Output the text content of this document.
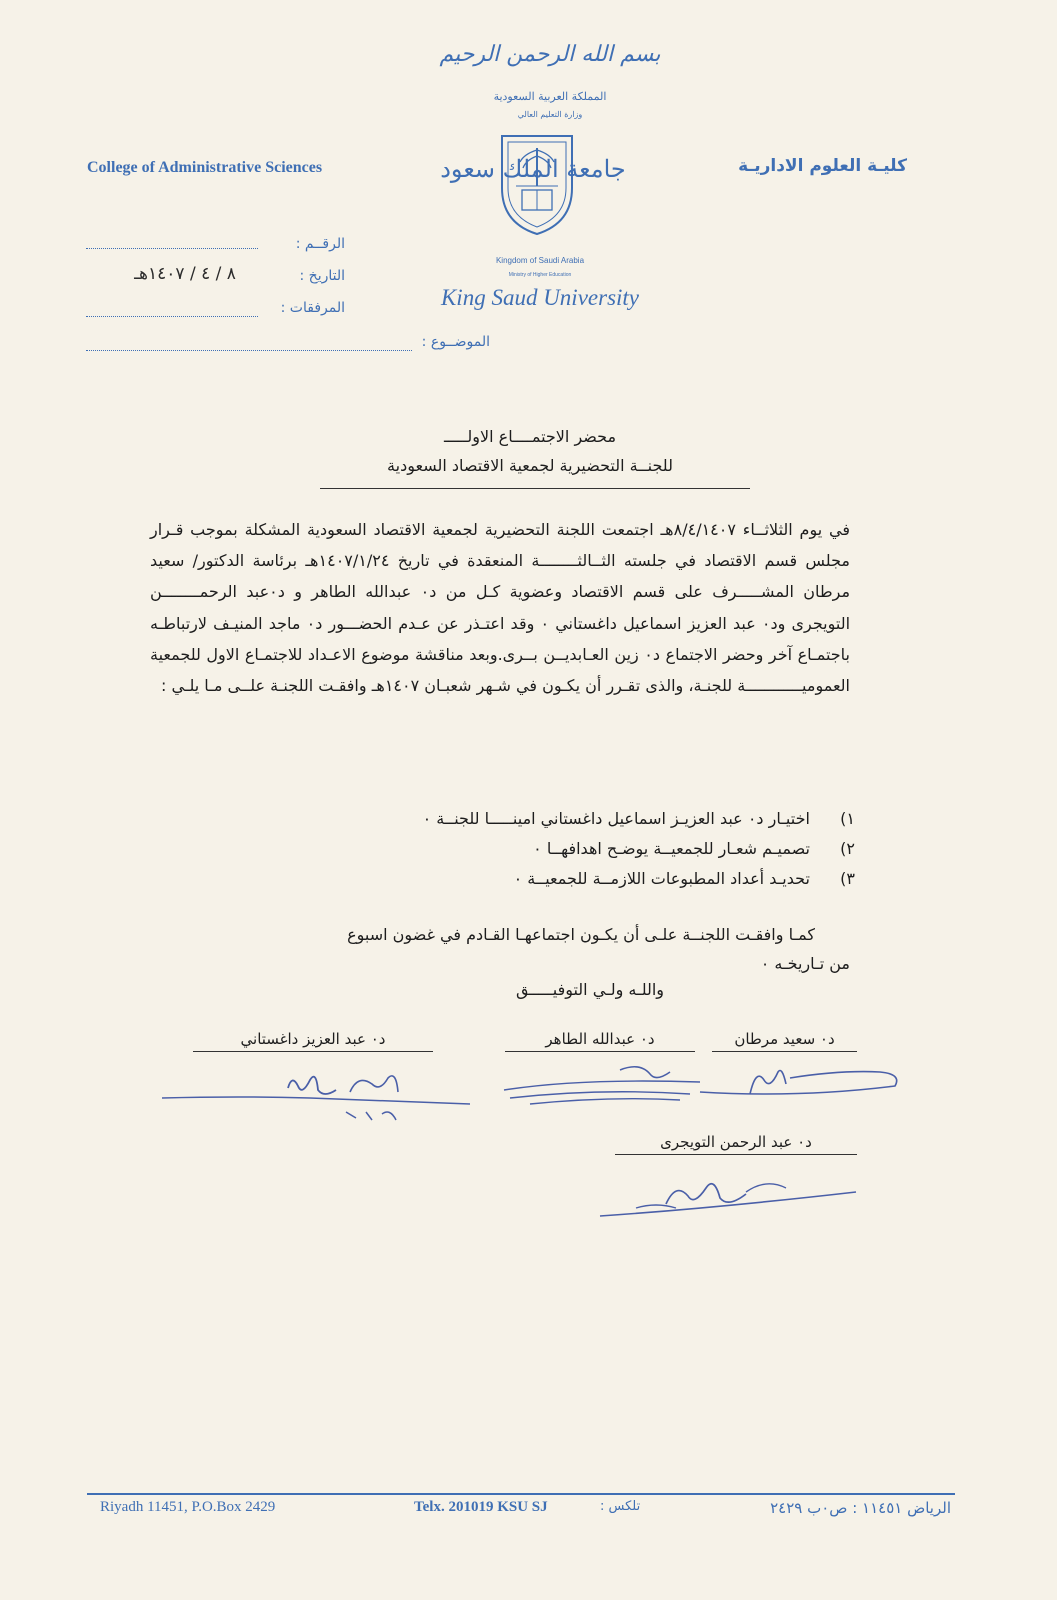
بسم الله الرحمن الرحيم
المملكة العربية السعودية
وزارة التعليم العالي
College of Administrative Sciences	كليـة العلوم الاداريـة
جامعة الملك سعود
Kingdom of Saudi Arabia
Ministry of Higher Education
King Saud University
الرقــم :
التاريخ :
٨ / ٤ / ١٤٠٧هـ
المرفقات :
الموضــوع :
محضر الاجتمــــاع الاولـــــ
للجنــة التحضيرية لجمعية الاقتصاد السعودية
في يوم الثلاثــاء ٨/٤/١٤٠٧هـ اجتمعت اللجنة التحضيرية لجمعية الاقتصاد السعودية المشكلة بموجب قـرار مجلس قسم الاقتصاد في جلسته الثــالثــــــــة المنعقدة في تاريخ ١٤٠٧/١/٢٤هـ برئاسة الدكتور/ سعيد مرطان المشـــــرف على قسم الاقتصاد وعضوية كـل من د٠ عبدالله الطاهر و د٠عبد الرحمــــــــن التويجرى ود٠ عبد العزيز اسماعيل داغستاني ٠ وقد اعتـذر عن عـدم الحضـــور د٠ ماجد المنيـف لارتباطـه باجتمـاع آخر وحضر الاجتماع د٠ زين العـابديــن بــرى.وبعد مناقشة موضوع الاعـداد للاجتمـاع الاول للجمعية العموميــــــــــــة للجنـة، والذى تقـرر أن يكـون في شـهر شعبـان ١٤٠٧هـ وافقـت اللجنـة علــى مـا يلـي :
١) اختيـار د٠ عبد العزيـز اسماعيل داغستاني امينـــــا للجنــة ٠
٢) تصميـم شعـار للجمعيــة يوضـح اهدافهــا ٠
٣) تحديـد أعداد المطبوعات اللازمــة للجمعيــة ٠
كمـا وافقـت اللجنــة علـى أن يكـون اجتماعهـا القـادم في غضون اسبوع
من تـاريخـه ٠
واللـه ولـي التوفيـــــق
د٠ سعيد مرطان
د٠ عبدالله الطاهر
د٠ عبد العزيز داغستاني
د٠ عبد الرحمن التويجرى
Riyadh 11451, P.O.Box 2429	Telx. 201019 KSU SJ	تلكس :	الرياض ١١٤٥١ : ص٠ب ٢٤٢٩
